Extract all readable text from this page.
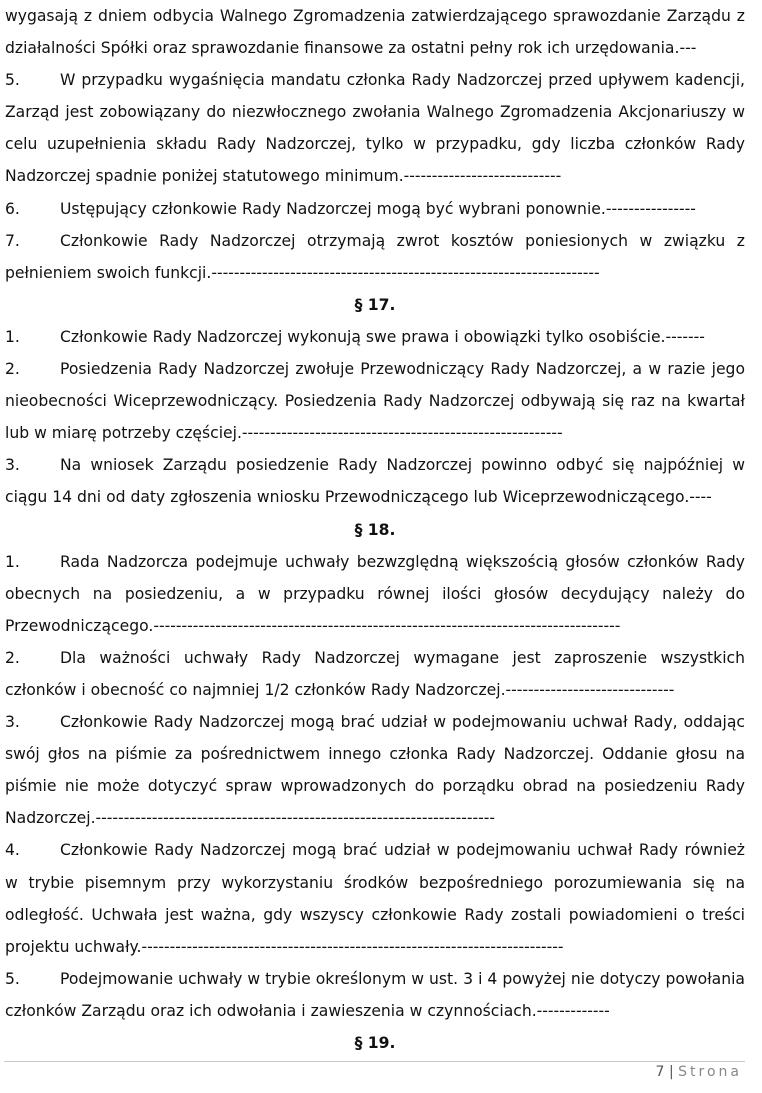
wygasają z dniem odbycia Walnego Zgromadzenia zatwierdzającego sprawozdanie Zarządu z działalności Spółki oraz sprawozdanie finansowe za ostatni pełny rok ich urzędowania.---

5.	W przypadku wygaśnięcia mandatu członka Rady Nadzorczej przed upływem kadencji, Zarząd jest zobowiązany do niezwłocznego zwołania Walnego Zgromadzenia Akcjonariuszy w celu uzupełnienia składu Rady Nadzorczej, tylko w przypadku, gdy liczba członków Rady Nadzorczej spadnie poniżej statutowego minimum.----------------------------

6.	Ustępujący członkowie Rady Nadzorczej mogą być wybrani ponownie.----------------

7.	Członkowie Rady Nadzorczej otrzymają zwrot kosztów poniesionych w związku z pełnieniem swoich funkcji.---------------------------------------------------------------------

§ 17.

1.	Członkowie Rady Nadzorczej wykonują swe prawa i obowiązki tylko osobiście.-------

2.	Posiedzenia Rady Nadzorczej zwołuje Przewodniczący Rady Nadzorczej, a w razie jego nieobecności Wiceprzewodniczący. Posiedzenia Rady Nadzorczej odbywają się raz na kwartał lub w miarę potrzeby częściej.---------------------------------------------------------

3.	Na wniosek Zarządu posiedzenie Rady Nadzorczej powinno odbyć się najpóźniej w ciągu 14 dni od daty zgłoszenia wniosku Przewodniczącego lub Wiceprzewodniczącego.----

§ 18.

1.	Rada Nadzorcza podejmuje uchwały bezwzględną większością głosów członków Rady obecnych na posiedzeniu, a w przypadku równej ilości głosów decydujący należy do Przewodniczącego.-----------------------------------------------------------------------------------

2.	Dla ważności uchwały Rady Nadzorczej wymagane jest zaproszenie wszystkich członków i obecność co najmniej 1/2 członków Rady Nadzorczej.------------------------------

3.	Członkowie Rady Nadzorczej mogą brać udział w podejmowaniu uchwał Rady, oddając swój głos na piśmie za pośrednictwem innego członka Rady Nadzorczej. Oddanie głosu na piśmie nie może dotyczyć spraw wprowadzonych do porządku obrad na posiedzeniu Rady Nadzorczej.-----------------------------------------------------------------------

4.	Członkowie Rady Nadzorczej mogą brać udział w podejmowaniu uchwał Rady również w trybie pisemnym przy wykorzystaniu środków bezpośredniego porozumiewania się na odległość. Uchwała jest ważna, gdy wszyscy członkowie Rady zostali powiadomieni o treści projektu uchwały.---------------------------------------------------------------------------

5.	Podejmowanie uchwały w trybie określonym w ust. 3 i 4 powyżej nie dotyczy powołania członków Zarządu oraz ich odwołania i zawieszenia w czynnościach.-------------

§ 19.

7 | Strona
